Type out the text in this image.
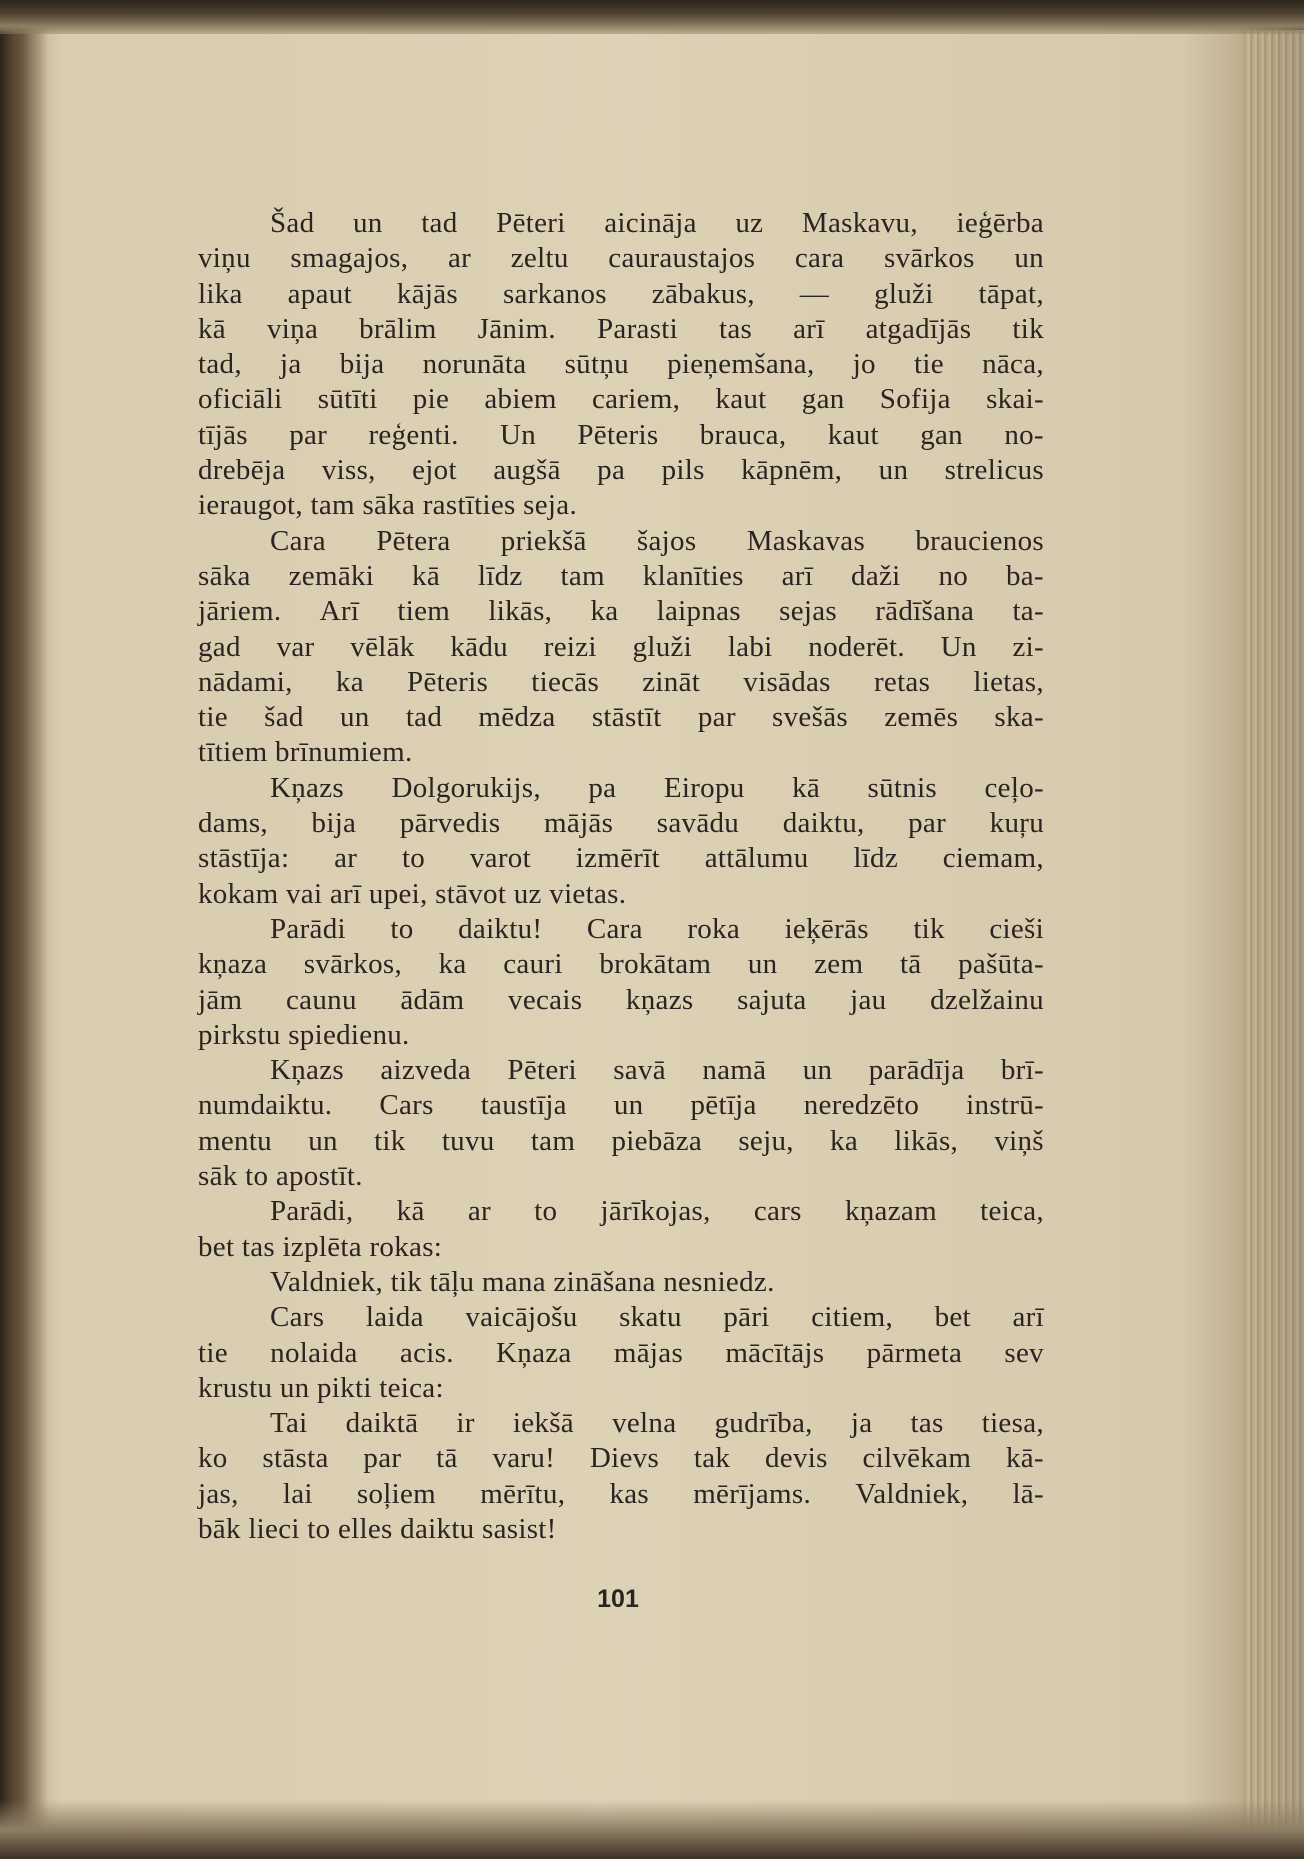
Šad un tad Pēteri aicināja uz Maskavu, ieģērba
viņu smagajos, ar zeltu cauraustajos cara svārkos un
lika apaut kājās sarkanos zābakus, — gluži tāpat,
kā viņa brālim Jānim. Parasti tas arī atgadījās tik
tad, ja bija norunāta sūtņu pieņemšana, jo tie nāca,
oficiāli sūtīti pie abiem cariem, kaut gan Sofija skai-
tījās par reģenti. Un Pēteris brauca, kaut gan no-
drebēja viss, ejot augšā pa pils kāpnēm, un strelicus
ieraugot, tam sāka rastīties seja.
Cara Pētera priekšā šajos Maskavas braucienos
sāka zemāki kā līdz tam klanīties arī daži no ba-
jāriem. Arī tiem likās, ka laipnas sejas rādīšana ta-
gad var vēlāk kādu reizi gluži labi noderēt. Un zi-
nādami, ka Pēteris tiecās zināt visādas retas lietas,
tie šad un tad mēdza stāstīt par svešās zemēs ska-
tītiem brīnumiem.
Kņazs Dolgorukijs, pa Eiropu kā sūtnis ceļo-
dams, bija pārvedis mājās savādu daiktu, par kuŗu
stāstīja: ar to varot izmērīt attālumu līdz ciemam,
kokam vai arī upei, stāvot uz vietas.
Parādi to daiktu! Cara roka ieķērās tik cieši
kņaza svārkos, ka cauri brokātam un zem tā pašūta-
jām caunu ādām vecais kņazs sajuta jau dzelžainu
pirkstu spiedienu.
Kņazs aizveda Pēteri savā namā un parādīja brī-
numdaiktu. Cars taustīja un pētīja neredzēto instrū-
mentu un tik tuvu tam piebāza seju, ka likās, viņš
sāk to apostīt.
Parādi, kā ar to jārīkojas, cars kņazam teica,
bet tas izplēta rokas:
Valdniek, tik tāļu mana zināšana nesniedz.
Cars laida vaicājošu skatu pāri citiem, bet arī
tie nolaida acis. Kņaza mājas mācītājs pārmeta sev
krustu un pikti teica:
Tai daiktā ir iekšā velna gudrība, ja tas tiesa,
ko stāsta par tā varu! Dievs tak devis cilvēkam kā-
jas, lai soļiem mērītu, kas mērījams. Valdniek, lā-
bāk lieci to elles daiktu sasist!
101
